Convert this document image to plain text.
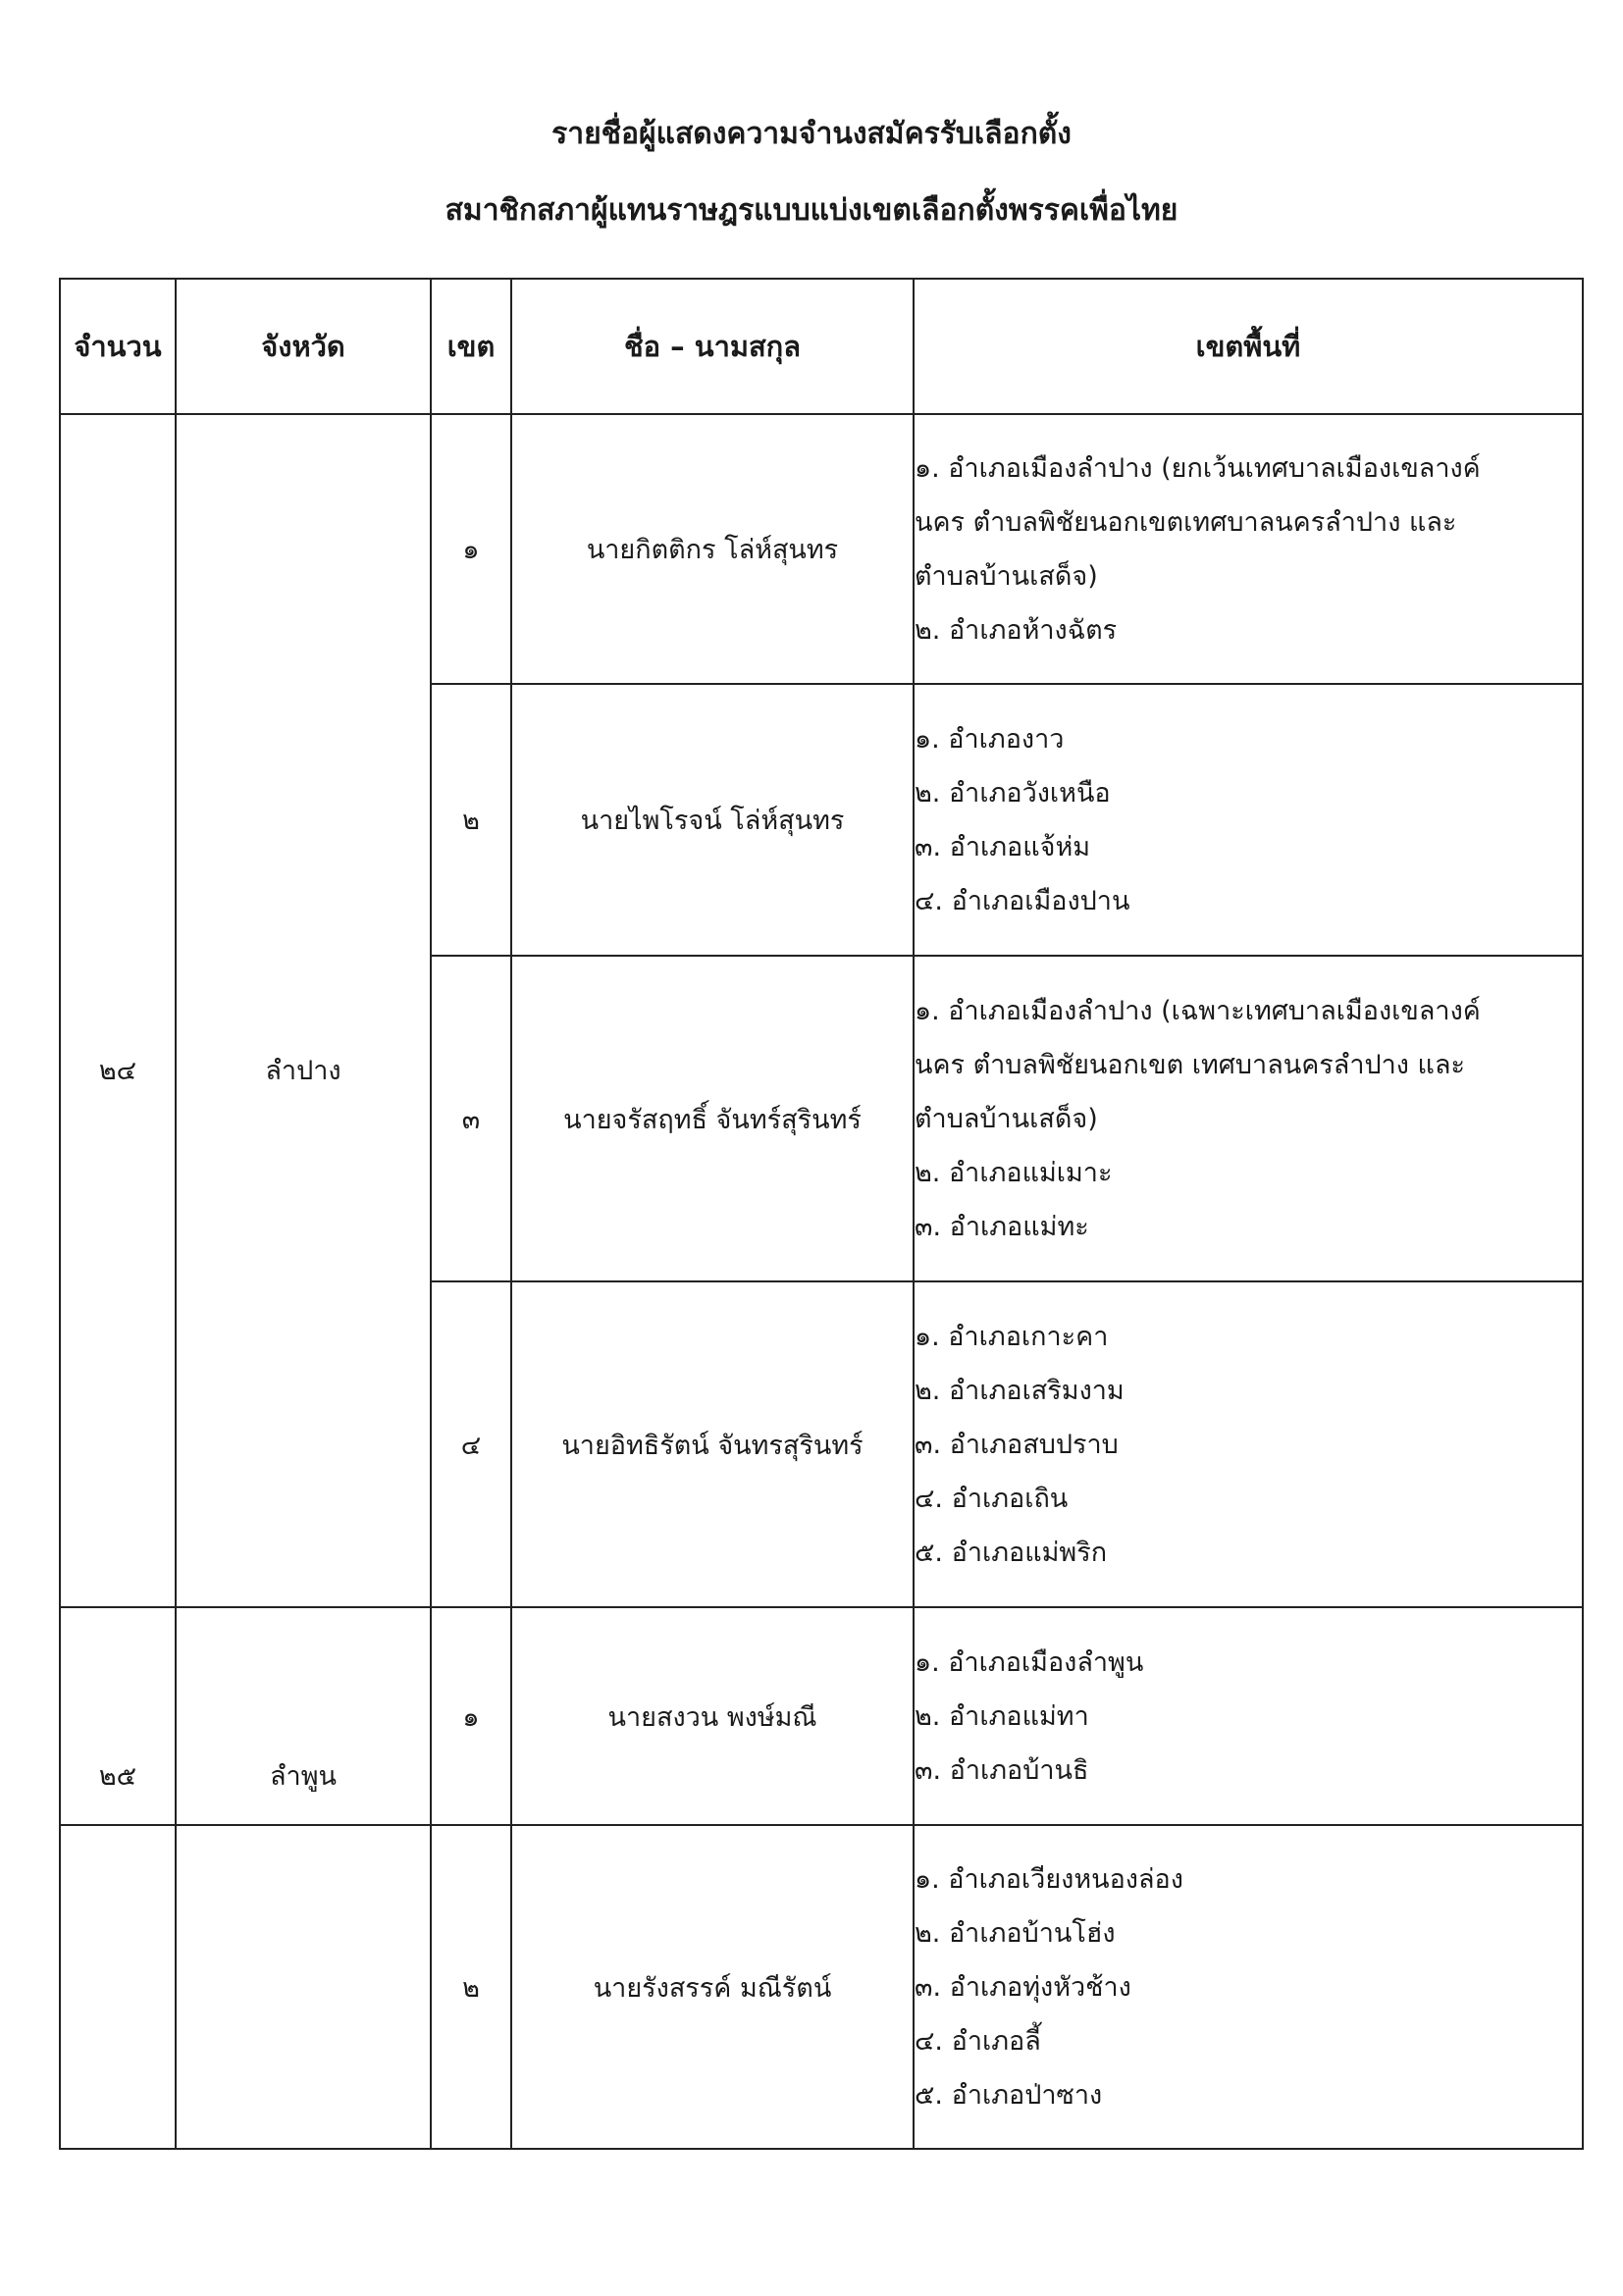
รายชื่อผู้แสดงความจำนงสมัครรับเลือกตั้ง
สมาชิกสภาผู้แทนราษฎรแบบแบ่งเขตเลือกตั้งพรรคเพื่อไทย
จำนวน	จังหวัด	เขต	ชื่อ – นามสกุล	เขตพื้นที่

๒๔	ลำปาง	๑	นายกิตติกร โล่ห์สุนทร	๑. อำเภอเมืองลำปาง (ยกเว้นเทศบาลเมืองเขลางค์
นคร ตำบลพิชัยนอกเขตเทศบาลนครลำปาง และ
ตำบลบ้านเสด็จ)
๒. อำเภอห้างฉัตร

		๒	นายไพโรจน์ โล่ห์สุนทร	๑. อำเภองาว
๒. อำเภอวังเหนือ
๓. อำเภอแจ้ห่ม
๔. อำเภอเมืองปาน

		๓	นายจรัสฤทธิ์ จันทร์สุรินทร์	๑. อำเภอเมืองลำปาง (เฉพาะเทศบาลเมืองเขลางค์
นคร ตำบลพิชัยนอกเขต เทศบาลนครลำปาง และ
ตำบลบ้านเสด็จ)
๒. อำเภอแม่เมาะ
๓. อำเภอแม่ทะ

		๔	นายอิทธิรัตน์ จันทรสุรินทร์	๑. อำเภอเกาะคา
๒. อำเภอเสริมงาม
๓. อำเภอสบปราบ
๔. อำเภอเถิน
๕. อำเภอแม่พริก

๒๕	ลำพูน	๑	นายสงวน พงษ์มณี	๑. อำเภอเมืองลำพูน
๒. อำเภอแม่ทา
๓. อำเภอบ้านธิ

		๒	นายรังสรรค์ มณีรัตน์	๑. อำเภอเวียงหนองล่อง
๒. อำเภอบ้านโฮ่ง
๓. อำเภอทุ่งหัวช้าง
๔. อำเภอลี้
๕. อำเภอป่าซาง
